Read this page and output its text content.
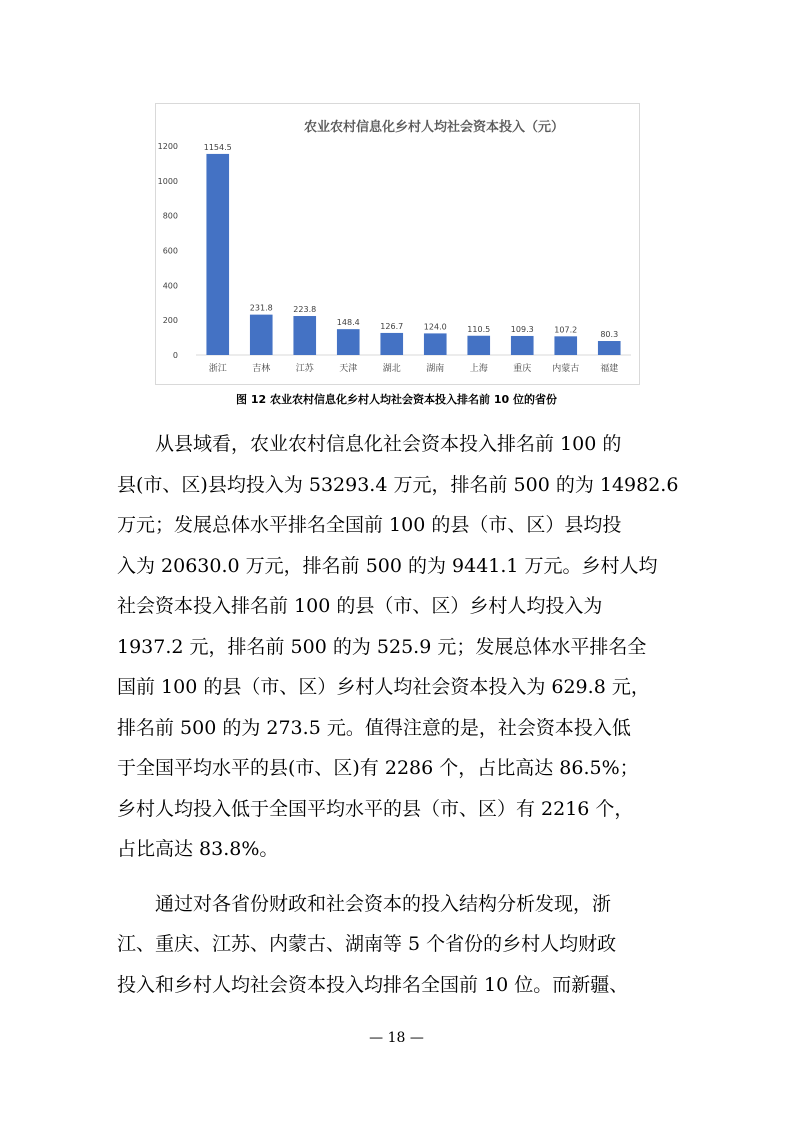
农业农村信息化乡村人均社会资本投入（元）
0
200
400
600
800
1000
1200	1154.5
浙江
231.8
吉林
223.8
江苏
148.4
天津
126.7
湖北
124.0
湖南
110.5
上海
109.3
重庆
107.2
内蒙古
80.3
福建
图 12 农业农村信息化乡村人均社会资本投入排名前 10 位的省份

从县域看，农业农村信息化社会资本投入排名前 100 的
县(市、区)县均投入为 53293.4 万元，排名前 500 的为 14982.6
万元；发展总体水平排名全国前 100 的县（市、区）县均投
入为 20630.0 万元，排名前 500 的为 9441.1 万元。乡村人均
社会资本投入排名前 100 的县（市、区）乡村人均投入为
1937.2 元，排名前 500 的为 525.9 元；发展总体水平排名全
国前 100 的县（市、区）乡村人均社会资本投入为 629.8 元，
排名前 500 的为 273.5 元。值得注意的是，社会资本投入低
于全国平均水平的县(市、区)有 2286 个，占比高达 86.5%；
乡村人均投入低于全国平均水平的县（市、区）有 2216 个，
占比高达 83.8%。

通过对各省份财政和社会资本的投入结构分析发现，浙
江、重庆、江苏、内蒙古、湖南等 5 个省份的乡村人均财政
投入和乡村人均社会资本投入均排名全国前 10 位。而新疆、

— 18 —
